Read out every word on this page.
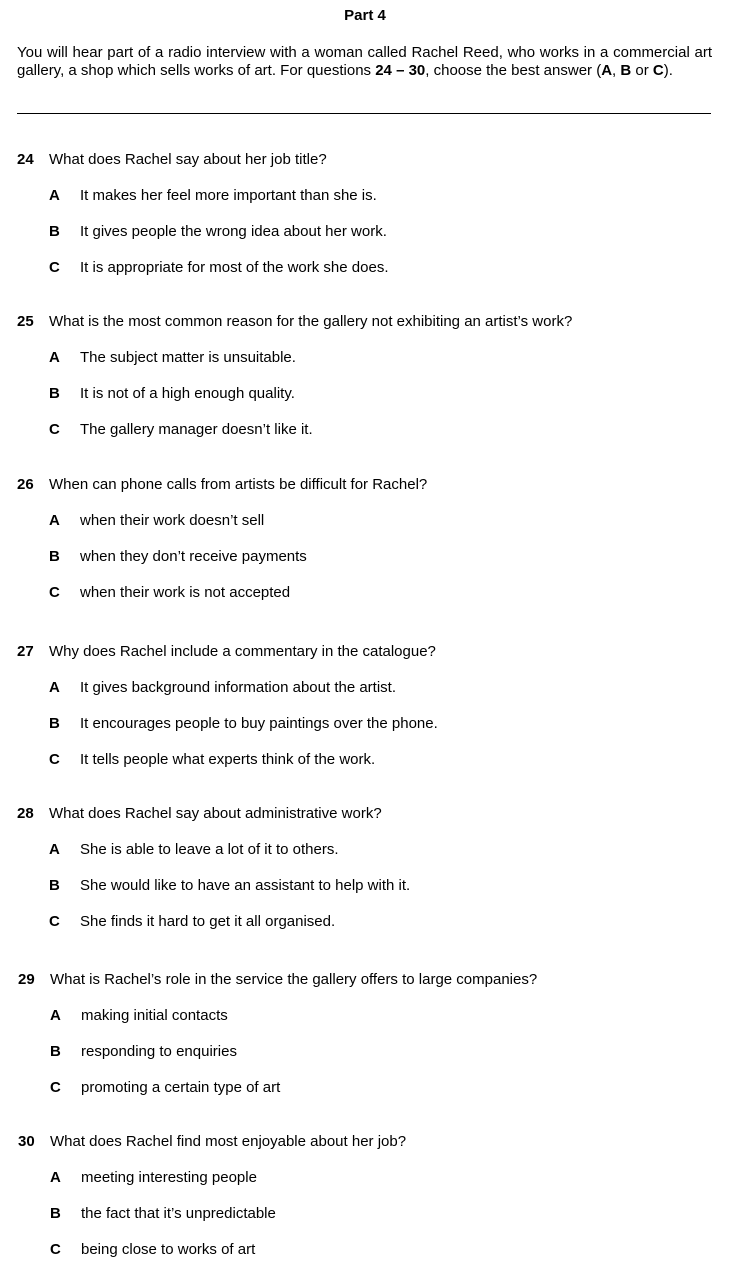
Part 4
You will hear part of a radio interview with a woman called Rachel Reed, who works in a commercial art gallery, a shop which sells works of art. For questions 24 – 30, choose the best answer (A, B or C).
24 What does Rachel say about her job title?
A It makes her feel more important than she is.
B It gives people the wrong idea about her work.
C It is appropriate for most of the work she does.
25 What is the most common reason for the gallery not exhibiting an artist’s work?
A The subject matter is unsuitable.
B It is not of a high enough quality.
C The gallery manager doesn’t like it.
26 When can phone calls from artists be difficult for Rachel?
A when their work doesn’t sell
B when they don’t receive payments
C when their work is not accepted
27 Why does Rachel include a commentary in the catalogue?
A It gives background information about the artist.
B It encourages people to buy paintings over the phone.
C It tells people what experts think of the work.
28 What does Rachel say about administrative work?
A She is able to leave a lot of it to others.
B She would like to have an assistant to help with it.
C She finds it hard to get it all organised.
29 What is Rachel’s role in the service the gallery offers to large companies?
A making initial contacts
B responding to enquiries
C promoting a certain type of art
30 What does Rachel find most enjoyable about her job?
A meeting interesting people
B the fact that it’s unpredictable
C being close to works of art
